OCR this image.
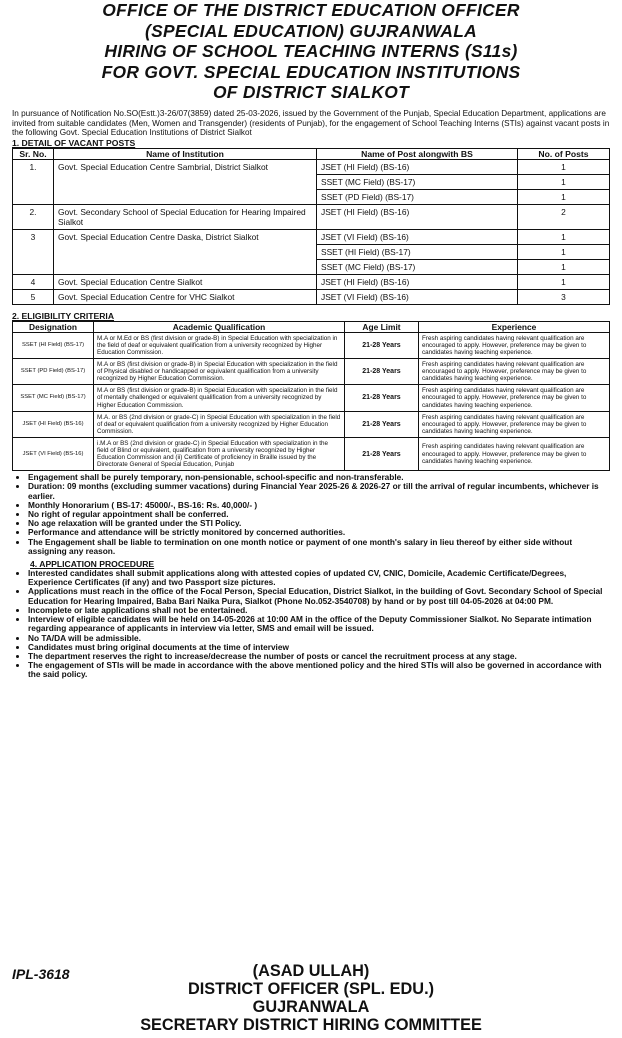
OFFICE OF THE DISTRICT EDUCATION OFFICER
(SPECIAL EDUCATION) GUJRANWALA
HIRING OF SCHOOL TEACHING INTERNS (S11s)
FOR GOVT. SPECIAL EDUCATION INSTITUTIONS
OF DISTRICT SIALKOT
In pursuance of Notification No.SO(Estt.)3-26/07(3859) dated 25-03-2026, issued by the Government of the Punjab, Special Education Department, applications are invited from suitable candidates (Men, Women and Transgender) (residents of Punjab), for the engagement of School Teaching Interns (STIs) against vacant posts in the following Govt. Special Education Institutions of District Sialkot
1. DETAIL OF VACANT POSTS
Sr. No.	Name of Institution	Name of Post alongwith BS	No. of Posts
1.	Govt. Special Education Centre Sambrial, District Sialkot	JSET (HI Field) (BS-16)	1
		SSET (MC Field) (BS-17)	1
		SSET (PD Field) (BS-17)	1
2.	Govt. Secondary School of Special Education for Hearing Impaired Sialkot	JSET (HI Field) (BS-16)	2
3	Govt. Special Education Centre Daska, District Sialkot	JSET (VI Field) (BS-16)	1
		SSET (HI Field) (BS-17)	1
		SSET (MC Field) (BS-17)	1
4	Govt. Special Education Centre Sialkot	JSET (HI Field) (BS-16)	1
5	Govt. Special Education Centre for VHC Sialkot	JSET (VI Field) (BS-16)	3
2. ELIGIBILITY CRITERIA
Designation	Academic Qualification	Age Limit	Experience
SSET (HI Field) (BS-17)	M.A or M.Ed or BS (first division or grade-B) in Special Education with specialization in the field of deaf or equivalent qualification from a university recognized by Higher Education Commission.	21-28 Years	Fresh aspiring candidates having relevant qualification are encouraged to apply. However, preference may be given to candidates having teaching experience.
SSET (PD Field) (BS-17)	M.A or BS (first division or grade-B) in Special Education with specialization in the field of Physical disabled or handicapped or equivalent qualification from a university recognized by Higher Education Commission.	21-28 Years	Fresh aspiring candidates having relevant qualification are encouraged to apply. However, preference may be given to candidates having teaching experience.
SSET (MC Field) (BS-17)	M.A or BS (first division or grade-B) in Special Education with specialization in the field of mentally challenged or equivalent qualification from a university recognized by Higher Education Commission.	21-28 Years	Fresh aspiring candidates having relevant qualification are encouraged to apply. However, preference may be given to candidates having teaching experience.
JSET (HI Field) (BS-16)	M.A. or BS (2nd division or grade-C) in Special Education with specialization in the field of deaf or equivalent qualification from a university recognized by Higher Education Commission.	21-28 Years	Fresh aspiring candidates having relevant qualification are encouraged to apply. However, preference may be given to candidates having teaching experience.
JSET (VI Field) (BS-16)	i.M.A or BS (2nd division or grade-C) in Special Education with specialization in the field of Blind or equivalent, qualification from a university recognized by Higher Education Commission and (ii) Certificate of proficiency in Braille issued by the Directorate General of Special Education, Punjab	21-28 Years	Fresh aspiring candidates having relevant qualification are encouraged to apply. However, preference may be given to candidates having teaching experience.
• Engagement shall be purely temporary, non-pensionable, school-specific and non-transferable.
• Duration: 09 months (excluding summer vacations) during Financial Year 2025-26 & 2026-27 or till the arrival of regular incumbents, whichever is earlier.
• Monthly Honorarium ( BS-17: 45000/-, BS-16: Rs. 40,000/- )
• No right of regular appointment shall be conferred.
• No age relaxation will be granted under the STI Policy.
• Performance and attendance will be strictly monitored by concerned authorities.
• The Engagement shall be liable to termination on one month notice or payment of one month's salary in lieu thereof by either side without assigning any reason.
4. APPLICATION PROCEDURE
• Interested candidates shall submit applications along with attested copies of updated CV, CNIC, Domicile, Academic Certificate/Degrees, Experience Certificates (if any) and two Passport size pictures.
• Applications must reach in the office of the Focal Person, Special Education, District Sialkot, in the building of Govt. Secondary School of Special Education for Hearing Impaired, Baba Bari Naika Pura, Sialkot (Phone No.052-3540708) by hand or by post till 04-05-2026 at 04:00 PM.
• Incomplete or late applications shall not be entertained.
• Interview of eligible candidates will be held on 14-05-2026 at 10:00 AM in the office of the Deputy Commissioner Sialkot. No Separate intimation regarding appearance of applicants in interview via letter, SMS and email will be issued.
• No TA/DA will be admissible.
• Candidates must bring original documents at the time of interview
• The department reserves the right to increase/decrease the number of posts or cancel the recruitment process at any stage.
• The engagement of STIs will be made in accordance with the above mentioned policy and the hired STIs will also be governed in accordance with the said policy.
IPL-3618	(ASAD ULLAH)
DISTRICT OFFICER (SPL. EDU.)
GUJRANWALA
SECRETARY DISTRICT HIRING COMMITTEE
